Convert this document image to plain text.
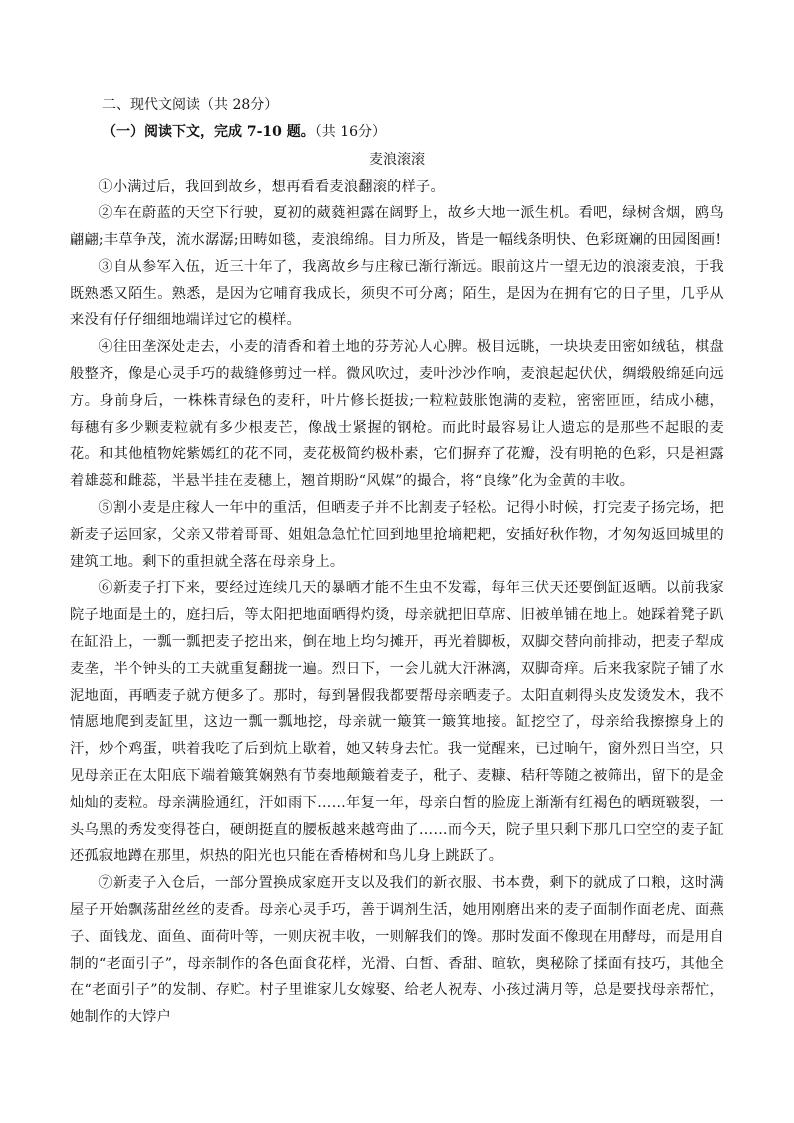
二、现代文阅读（共 28分）
（一）阅读下文，完成 7-10 题。（共 16分）
麦浪滚滚

①小满过后，我回到故乡，想再看看麦浪翻滚的样子。

②车在蔚蓝的天空下行驶，夏初的葳蕤袒露在阔野上，故乡大地一派生机。看吧，绿树含烟，鸥鸟翩翩;丰草争茂，流水潺潺;田畴如毯，麦浪绵绵。目力所及，皆是一幅线条明快、色彩斑斓的田园图画!

③自从参军入伍，近三十年了，我离故乡与庄稼已渐行渐远。眼前这片一望无边的浪滚麦浪，于我既熟悉又陌生。熟悉，是因为它哺育我成长，须臾不可分离；陌生，是因为在拥有它的日子里，几乎从来没有仔仔细细地端详过它的模样。

④往田垄深处走去，小麦的清香和着土地的芬芳沁人心脾。极目远眺，一块块麦田密如绒毡，棋盘般整齐，像是心灵手巧的裁缝修剪过一样。微风吹过，麦叶沙沙作响，麦浪起起伏伏，绸缎般绵延向远方。身前身后，一株株青绿色的麦秆，叶片修长挺拔;一粒粒鼓胀饱满的麦粒，密密匝匝，结成小穗，每穗有多少颗麦粒就有多少根麦芒，像战士紧握的钢枪。而此时最容易让人遗忘的是那些不起眼的麦花。和其他植物姹紫嫣红的花不同，麦花极简约极朴素，它们摒弃了花瓣，没有明艳的色彩，只是袒露着雄蕊和雌蕊，半悬半挂在麦穗上，翘首期盼“风媒”的撮合，将“良缘”化为金黄的丰收。

⑤割小麦是庄稼人一年中的重活，但晒麦子并不比割麦子轻松。记得小时候，打完麦子扬完场，把新麦子运回家，父亲又带着哥哥、姐姐急急忙忙回到地里抢墒耙耙，安插好秋作物，才匆匆返回城里的建筑工地。剩下的重担就全落在母亲身上。

⑥新麦子打下来，要经过连续几天的暴晒才能不生虫不发霉，每年三伏天还要倒缸返晒。以前我家院子地面是土的，庭扫后，等太阳把地面晒得灼烫，母亲就把旧草席、旧被单铺在地上。她踩着凳子趴在缸沿上，一瓢一瓢把麦子挖出来，倒在地上均匀摊开，再光着脚板，双脚交替向前排动，把麦子犁成麦垄，半个钟头的工夫就重复翻拢一遍。烈日下，一会儿就大汗淋漓，双脚奇痒。后来我家院子铺了水泥地面，再晒麦子就方便多了。那时，每到暑假我都要帮母亲晒麦子。太阳直刺得头皮发烫发木，我不情愿地爬到麦缸里，这边一瓢一瓢地挖，母亲就一簸箕一簸箕地接。缸挖空了，母亲给我擦擦身上的汗，炒个鸡蛋，哄着我吃了后到炕上歇着，她又转身去忙。我一觉醒来，已过晌午，窗外烈日当空，只见母亲正在太阳底下端着簸箕娴熟有节奏地颠簸着麦子，秕子、麦糠、秸秆等随之被筛出，留下的是金灿灿的麦粒。母亲满脸通红，汗如雨下……年复一年，母亲白皙的脸庞上渐渐有红褐色的晒斑皲裂，一头乌黑的秀发变得苍白，硬朗挺直的腰板越来越弯曲了……而今天，院子里只剩下那几口空空的麦子缸还孤寂地蹲在那里，炽热的阳光也只能在香椿树和鸟儿身上跳跃了。

⑦新麦子入仓后，一部分置换成家庭开支以及我们的新衣服、书本费，剩下的就成了口粮，这时满屋子开始飘荡甜丝丝的麦香。母亲心灵手巧，善于调剂生活，她用刚磨出来的麦子面制作面老虎、面燕子、面钱龙、面鱼、面荷叶等，一则庆祝丰收，一则解我们的馋。那时发面不像现在用酵母，而是用自制的“老面引子”，母亲制作的各色面食花样，光滑、白皙、香甜、暄软，奥秘除了揉面有技巧，其他全在“老面引子”的发制、存贮。村子里谁家儿女嫁娶、给老人祝寿、小孩过满月等，总是要找母亲帮忙，她制作的大饽户
